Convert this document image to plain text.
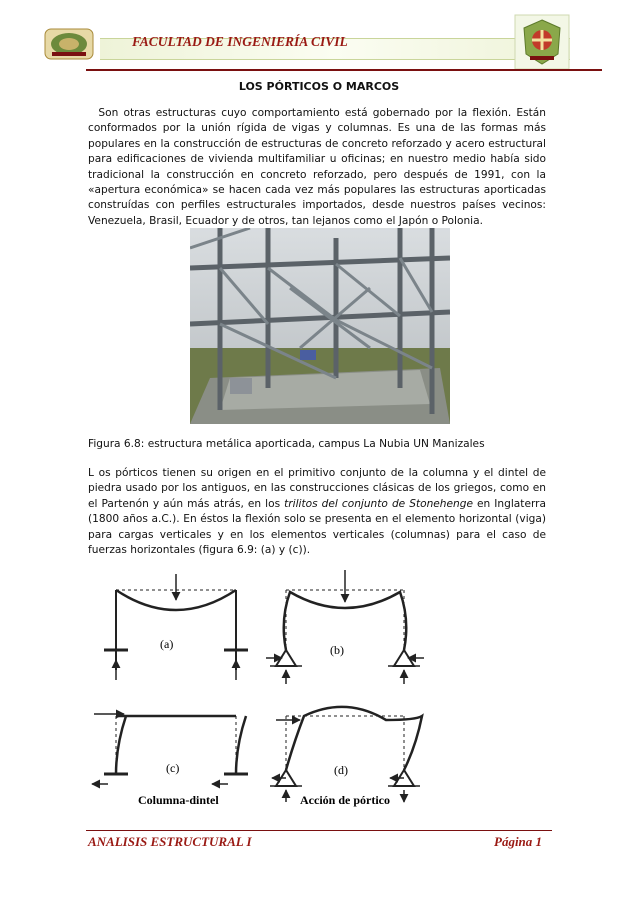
FACULTAD DE INGENIERÍA CIVIL
LOS PÓRTICOS O MARCOS
Son otras estructuras cuyo comportamiento está gobernado por la flexión. Están conformados por la unión rígida de vigas y columnas. Es una de las formas más populares en la construcción de estructuras de concreto reforzado y acero estructural para edificaciones de vivienda multifamiliar u oficinas; en nuestro medio había sido tradicional la construcción en concreto reforzado, pero después de 1991, con la «apertura económica» se hacen cada vez más populares las estructuras aporticadas construídas con perfiles estructurales importados, desde nuestros países vecinos: Venezuela, Brasil, Ecuador y de otros, tan lejanos como el Japón o Polonia.
Figura 6.8: estructura metálica aporticada, campus La Nubia UN Manizales
L os pórticos tienen su origen en el primitivo conjunto de la columna y el dintel de piedra usado por los antiguos, en las construcciones clásicas de los griegos, como en el Partenón y aún más atrás, en los trilitos del conjunto de Stonehenge en Inglaterra (1800 años a.C.). En éstos la flexión solo se presenta en el elemento horizontal (viga) para cargas verticales y en los elementos verticales (columnas) para el caso de fuerzas horizontales (figura 6.9: (a) y (c)).
(a)	(b)
(c)	(d)
Columna-dintel	Acción de pórtico
ANALISIS ESTRUCTURAL I	Página 1
